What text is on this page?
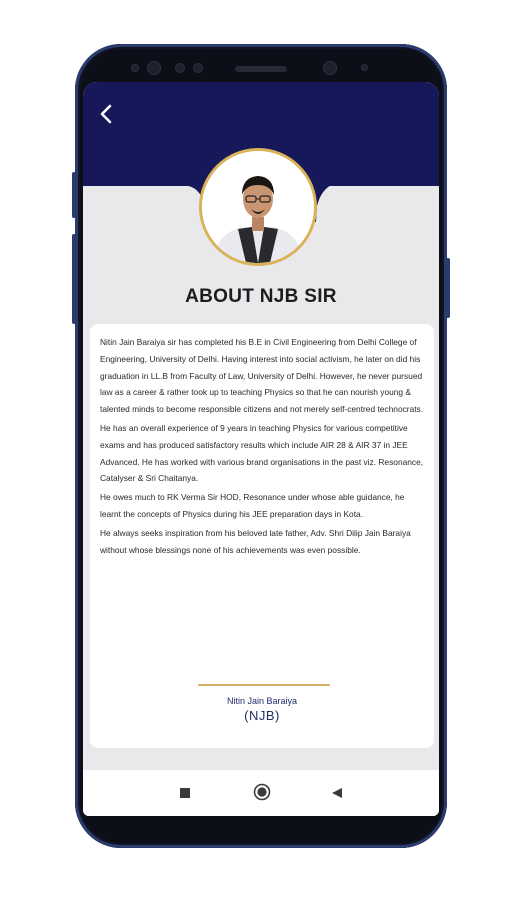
ABOUT NJB SIR

Nitin Jain Baraiya sir has completed his B.E in Civil Engineering from Delhi College of Engineering, University of Delhi. Having interest into social activism, he later on did his graduation in LL.B from Faculty of Law, University of Delhi. However, he never pursued law as a career & rather took up to teaching Physics so that he can nourish young & talented minds to become responsible citizens and not merely self-centred technocrats.

He has an overall experience of 9 years in teaching Physics for various competitive exams and has produced satisfactory results which include AIR 28 & AIR 37 in JEE Advanced. He has worked with various brand organisations in the past viz. Resonance, Catalyser & Sri Chaitanya.

He owes much to RK Verma Sir HOD, Resonance under whose able guidance, he learnt the concepts of Physics during his JEE preparation days in Kota.

He always seeks inspiration from his beloved late father, Adv. Shri Dilip Jain Baraiya without whose blessings none of his achievements was even possible.

Nitin Jain Baraiya
(NJB)
